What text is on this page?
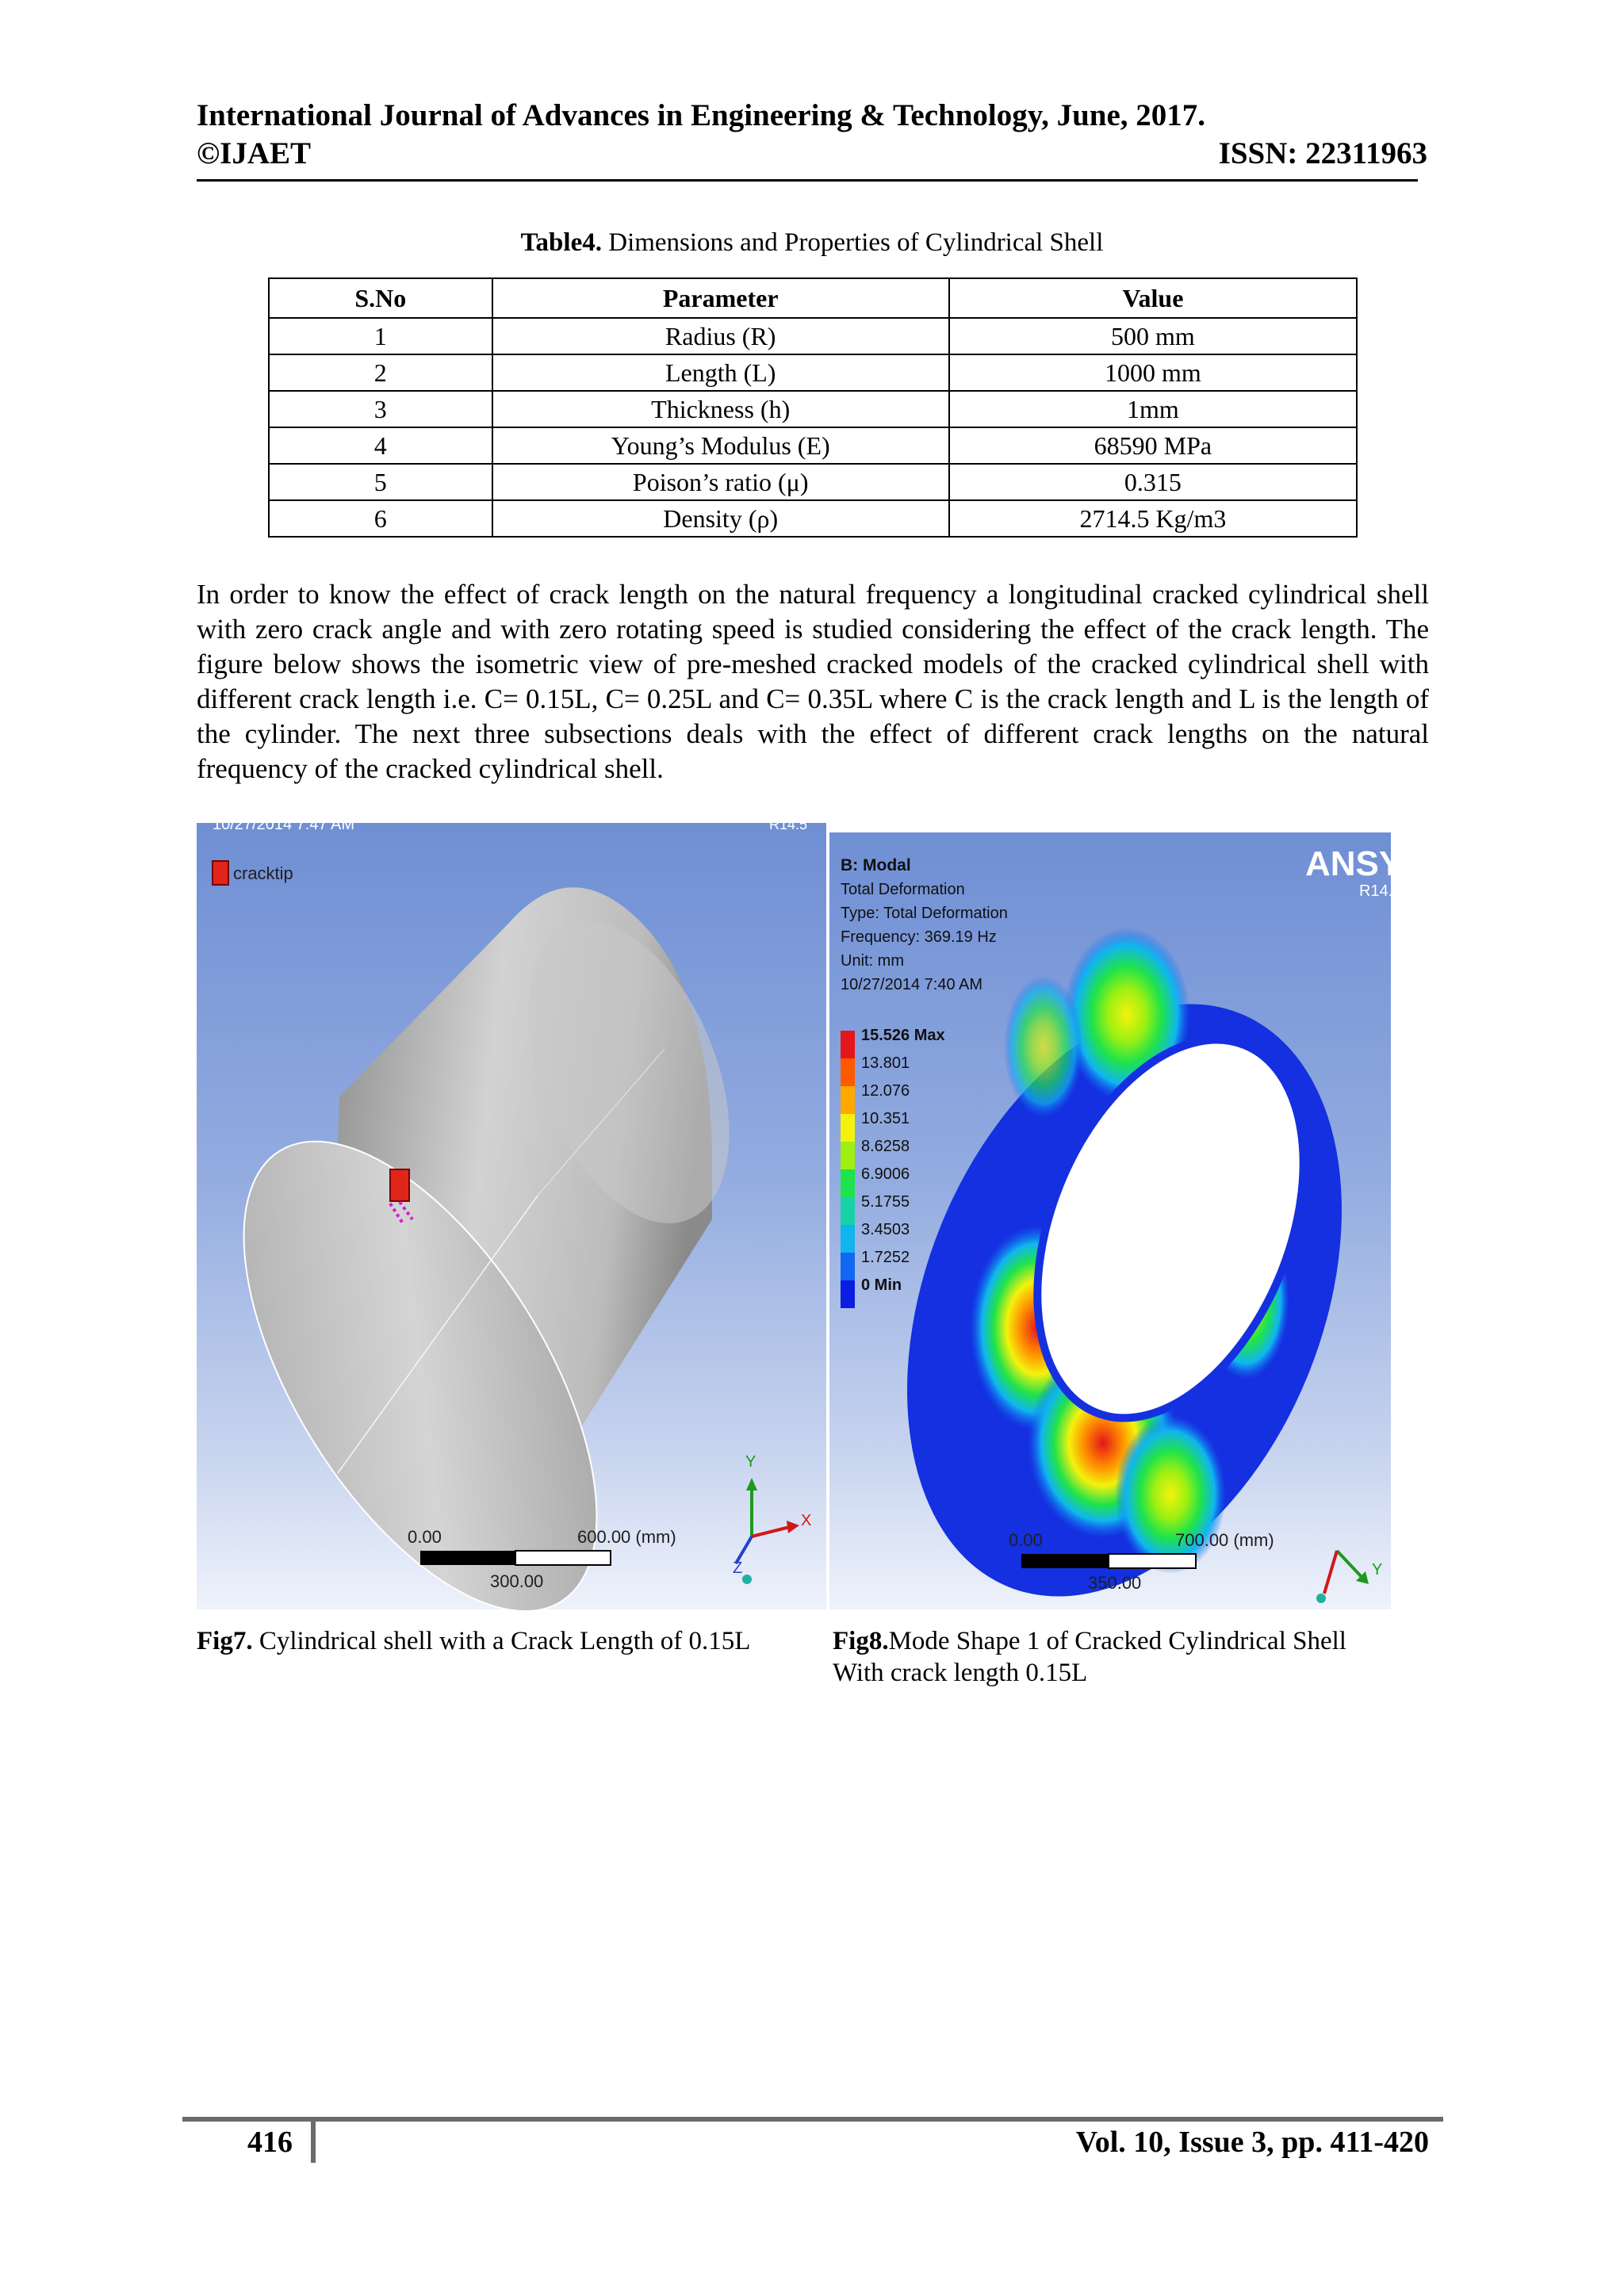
International Journal of Advances in Engineering & Technology, June, 2017.
©IJAET	ISSN: 22311963
Table4. Dimensions and Properties of Cylindrical Shell
S.No	Parameter	Value
1	Radius (R)	500 mm
2	Length (L)	1000 mm
3	Thickness (h)	1mm
4	Young’s Modulus (E)	68590 MPa
5	Poison’s ratio (μ)	0.315
6	Density (ρ)	2714.5 Kg/m3
In order to know the effect of crack length on the natural frequency a longitudinal cracked cylindrical shell with zero crack angle and with zero rotating speed is studied considering the effect of the crack length. The figure below shows the isometric view of pre-meshed cracked models of the cracked cylindrical shell with different crack length i.e. C= 0.15L, C= 0.25L and C= 0.35L where C is the crack length and L is the length of the cylinder. The next three subsections deals with the effect of different crack lengths on the natural frequency of the cracked cylindrical shell.
10/27/2014 7:47 AM	R14.5
cracktip
0.00	600.00 (mm)
300.00
Y
X
Z
ANSYS
R14.5
B: Modal
Total Deformation
Type: Total Deformation
Frequency: 369.19 Hz
Unit: mm
10/27/2014 7:40 AM
15.526 Max
13.801
12.076
10.351
8.6258
6.9006
5.1755
3.4503
1.7252
0 Min
0.00	700.00 (mm)
350.00
Y
Fig7. Cylindrical shell with a Crack Length of 0.15L	Fig8.Mode Shape 1 of Cracked Cylindrical Shell
With crack length 0.15L
416	Vol. 10, Issue 3, pp. 411-420
